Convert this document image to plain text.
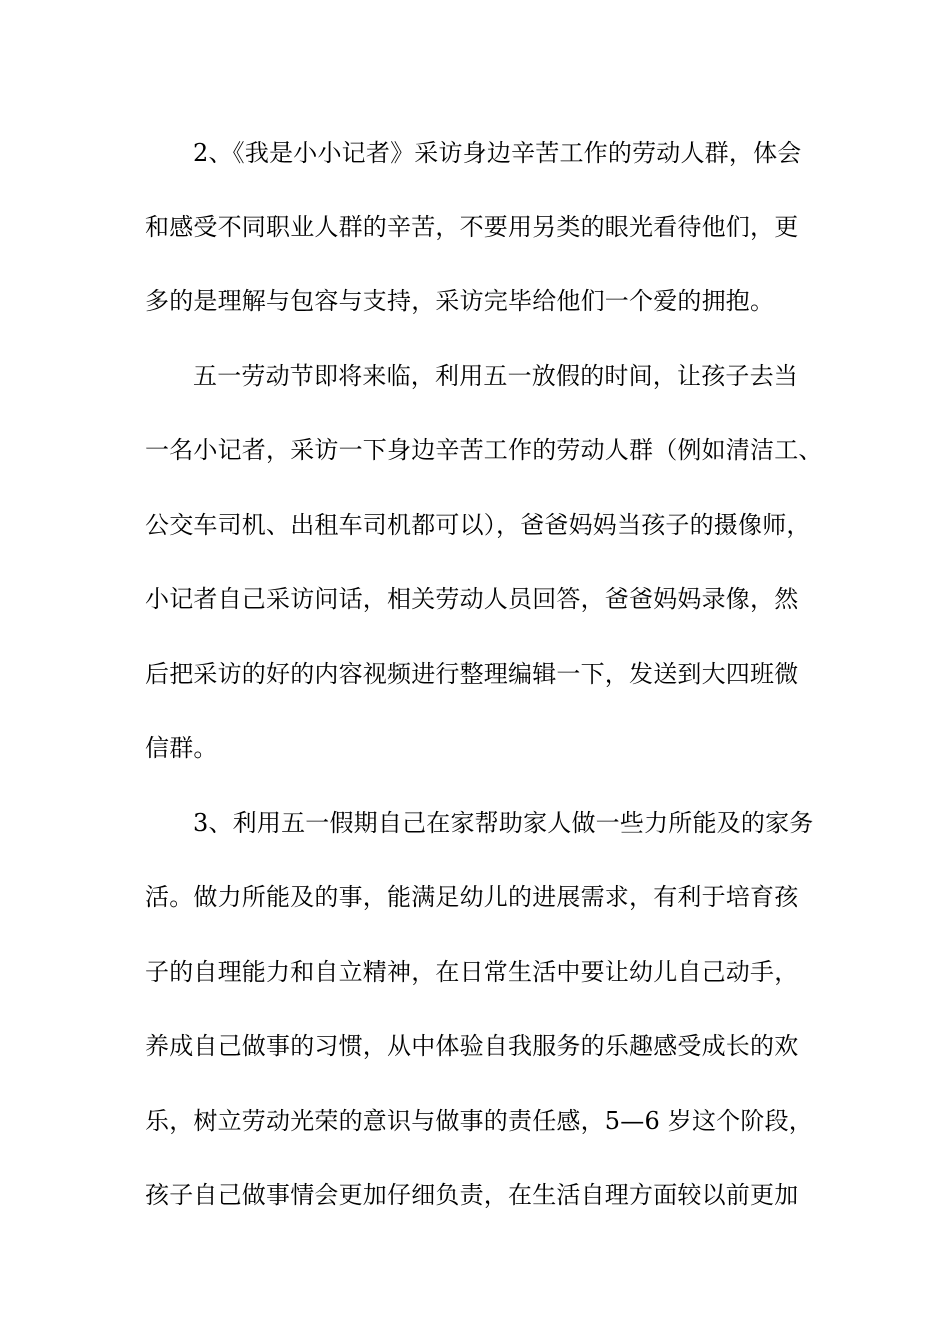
2、《我是小小记者》采访身边辛苦工作的劳动人群，体会
和感受不同职业人群的辛苦，不要用另类的眼光看待他们，更
多的是理解与包容与支持，采访完毕给他们一个爱的拥抱。
五一劳动节即将来临，利用五一放假的时间，让孩子去当
一名小记者，采访一下身边辛苦工作的劳动人群（例如清洁工、
公交车司机、出租车司机都可以），爸爸妈妈当孩子的摄像师，
小记者自己采访问话，相关劳动人员回答，爸爸妈妈录像，然
后把采访的好的内容视频进行整理编辑一下，发送到大四班微
信群。
3、利用五一假期自己在家帮助家人做一些力所能及的家务
活。做力所能及的事，能满足幼儿的进展需求，有利于培育孩
子的自理能力和自立精神，在日常生活中要让幼儿自己动手，
养成自己做事的习惯，从中体验自我服务的乐趣感受成长的欢
乐，树立劳动光荣的意识与做事的责任感，5—6 岁这个阶段，
孩子自己做事情会更加仔细负责，在生活自理方面较以前更加
